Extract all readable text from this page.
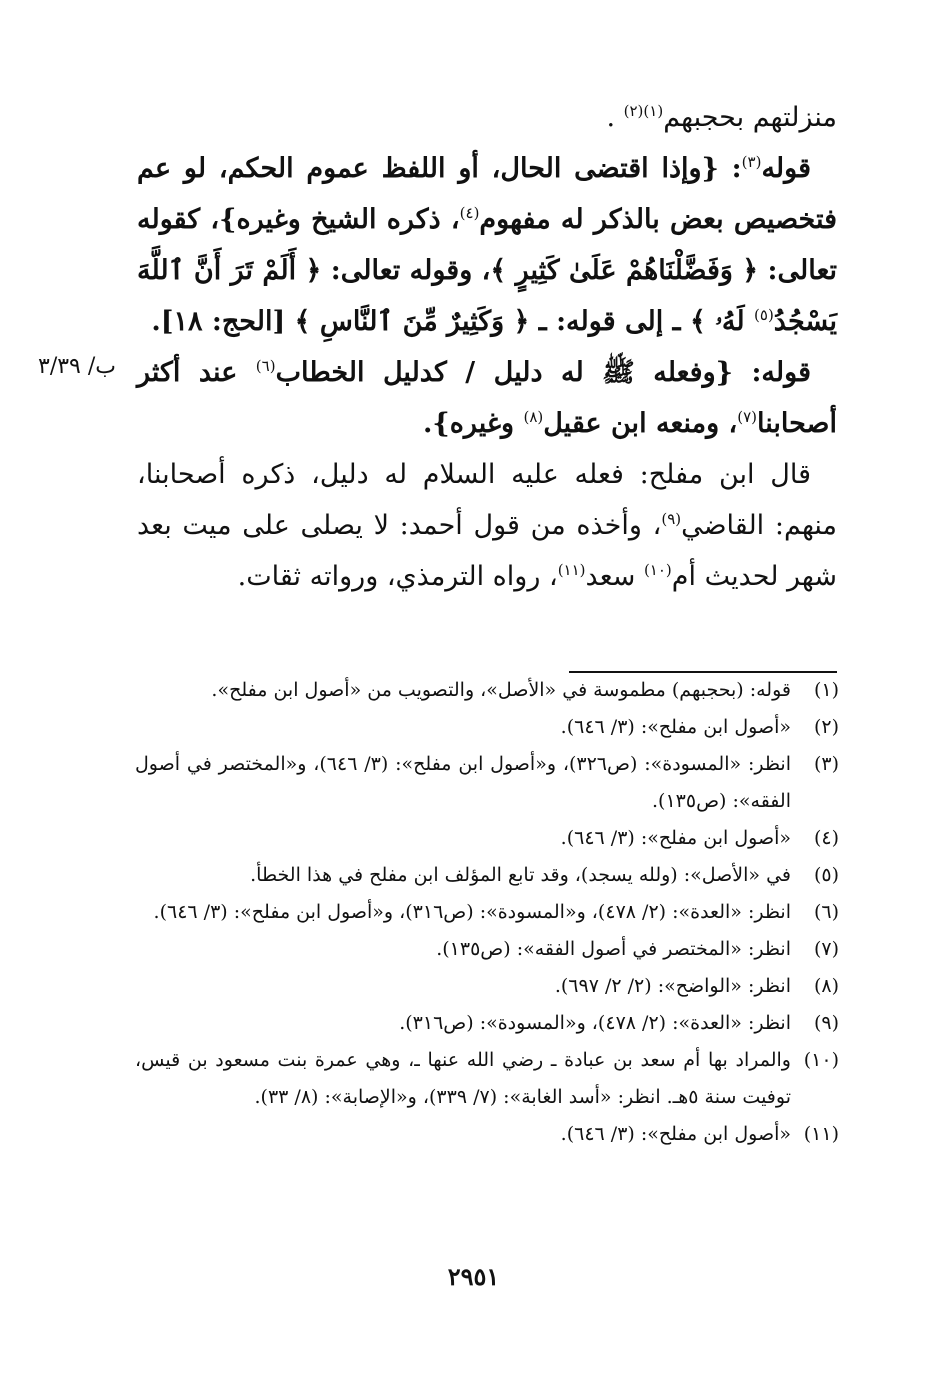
منزلتهم بحجبهم$^{(١)(٢)}$ .

قوله$^{(٣)}$: {وإذا اقتضى الحال، أو اللفظ عموم الحكم، لو عم فتخصيص بعض بالذكر له مفهوم$^{(٤)}$، ذكره الشيخ وغيره}، كقوله تعالى: ﴿ وَفَضَّلْنَاهُمْ عَلَىٰ كَثِيرٍ ﴾، وقوله تعالى: ﴿ أَلَمْ تَرَ أَنَّ ٱللَّهَ يَسْجُدُ$^{(٥)}$ لَهُۥ ﴾ ـ إلى قوله: ـ ﴿ وَكَثِيرٌ مِّنَ ٱلنَّاسِ ﴾ [الحج: ١٨].

قوله: {وفعله ﷺ له دليل / كدليل الخطاب$^{(٦)}$ عند أكثر أصحابنا$^{(٧)}$، ومنعه ابن عقيل$^{(٨)}$ وغيره}.

قال ابن مفلح: فعله عليه السلام له دليل، ذكره أصحابنا، منهم: القاضي$^{(٩)}$، وأخذه من قول أحمد: لا يصلى على ميت بعد شهر لحديث أم$^{(١٠)}$ سعد$^{(١١)}$، رواه الترمذي، ورواته ثقات.

ب/ ٣/٣٩
(١)
قوله: (بحجبهم) مطموسة في «الأصل»، والتصويب من «أصول ابن مفلح».
(٢)
«أصول ابن مفلح»: (٣/ ٦٤٦).
(٣)
انظر: «المسودة»: (ص٣٢٦)، و«أصول ابن مفلح»: (٣/ ٦٤٦)، و«المختصر في أصول الفقه»: (ص١٣٥).
(٤)
«أصول ابن مفلح»: (٣/ ٦٤٦).
(٥)
في «الأصل»: (ولله يسجد)، وقد تابع المؤلف ابن مفلح في هذا الخطأ.
(٦)
انظر: «العدة»: (٢/ ٤٧٨)، و«المسودة»: (ص٣١٦)، و«أصول ابن مفلح»: (٣/ ٦٤٦).
(٧)
انظر: «المختصر في أصول الفقه»: (ص١٣٥).
(٨)
انظر: «الواضح»: (٢/ ٢/ ٦٩٧).
(٩)
انظر: «العدة»: (٢/ ٤٧٨)، و«المسودة»: (ص٣١٦).
(١٠)
والمراد بها أم سعد بن عبادة ـ رضي الله عنها ـ، وهي عمرة بنت مسعود بن قيس، توفيت سنة ٥هـ. انظر: «أسد الغابة»: (٧/ ٣٣٩)، و«الإصابة»: (٨/ ٣٣).
(١١)
«أصول ابن مفلح»: (٣/ ٦٤٦).
٢٩٥١
